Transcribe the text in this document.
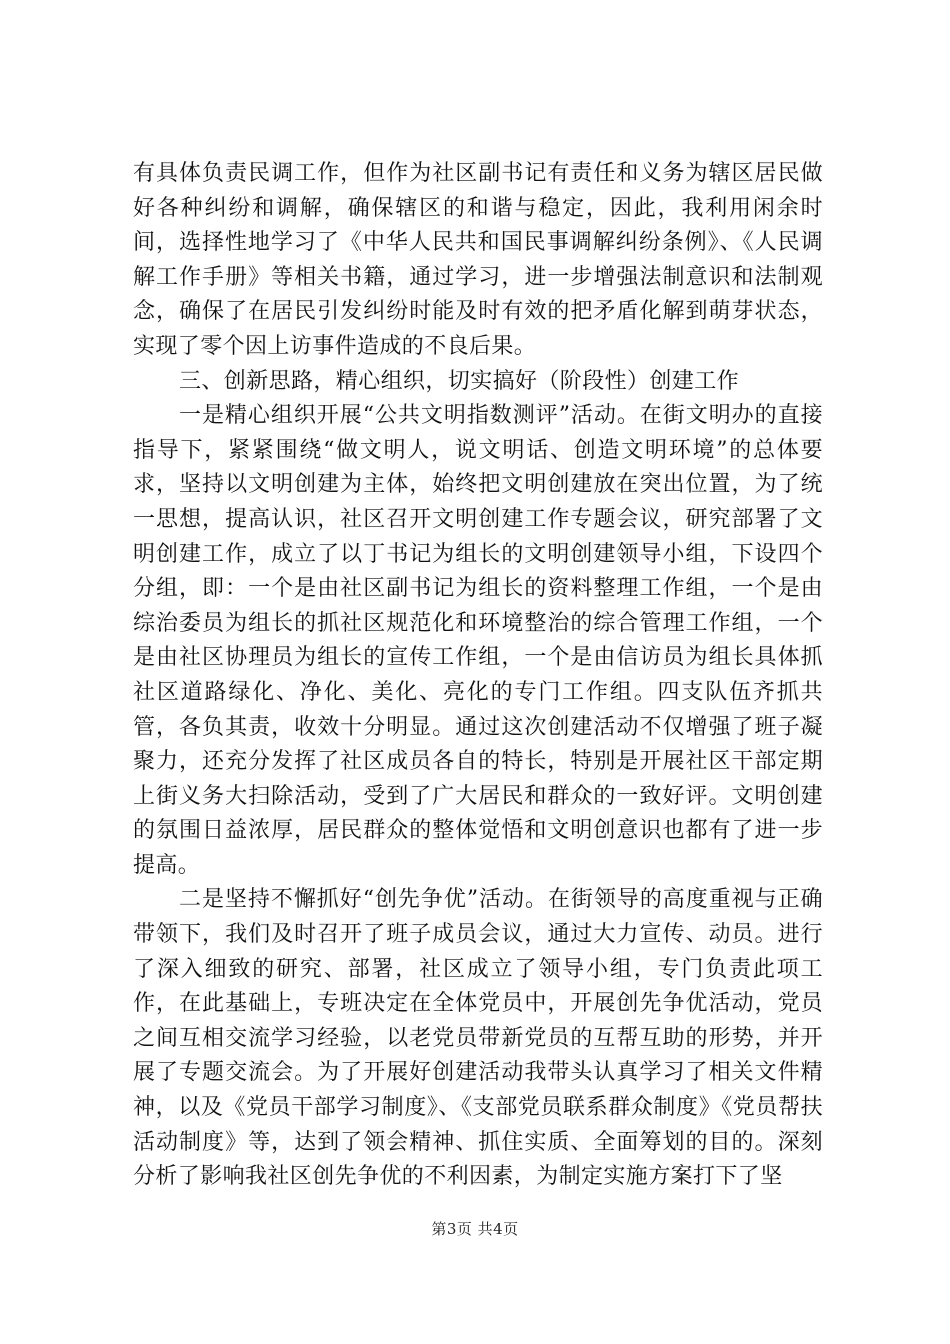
有具体负责民调工作，但作为社区副书记有责任和义务为辖区居民做好各种纠纷和调解，确保辖区的和谐与稳定，因此，我利用闲余时间，选择性地学习了《中华人民共和国民事调解纠纷条例》、《人民调解工作手册》等相关书籍，通过学习，进一步增强法制意识和法制观念，确保了在居民引发纠纷时能及时有效的把矛盾化解到萌芽状态，实现了零个因上访事件造成的不良后果。

三、创新思路，精心组织，切实搞好（阶段性）创建工作

一是精心组织开展“公共文明指数测评”活动。在街文明办的直接指导下，紧紧围绕“做文明人，说文明话、创造文明环境”的总体要求，坚持以文明创建为主体，始终把文明创建放在突出位置，为了统一思想，提高认识，社区召开文明创建工作专题会议，研究部署了文明创建工作，成立了以丁书记为组长的文明创建领导小组，下设四个分组，即：一个是由社区副书记为组长的资料整理工作组，一个是由综治委员为组长的抓社区规范化和环境整治的综合管理工作组，一个是由社区协理员为组长的宣传工作组，一个是由信访员为组长具体抓社区道路绿化、净化、美化、亮化的专门工作组。四支队伍齐抓共管，各负其责，收效十分明显。通过这次创建活动不仅增强了班子凝聚力，还充分发挥了社区成员各自的特长，特别是开展社区干部定期上街义务大扫除活动，受到了广大居民和群众的一致好评。文明创建的氛围日益浓厚，居民群众的整体觉悟和文明创意识也都有了进一步提高。

二是坚持不懈抓好“创先争优”活动。在街领导的高度重视与正确带领下，我们及时召开了班子成员会议，通过大力宣传、动员。进行了深入细致的研究、部署，社区成立了领导小组，专门负责此项工作，在此基础上，专班决定在全体党员中，开展创先争优活动，党员之间互相交流学习经验，以老党员带新党员的互帮互助的形势，并开展了专题交流会。为了开展好创建活动我带头认真学习了相关文件精神，以及《党员干部学习制度》、《支部党员联系群众制度》《党员帮扶活动制度》等，达到了领会精神、抓住实质、全面筹划的目的。深刻分析了影响我社区创先争优的不利因素，为制定实施方案打下了坚

第3页 共4页
